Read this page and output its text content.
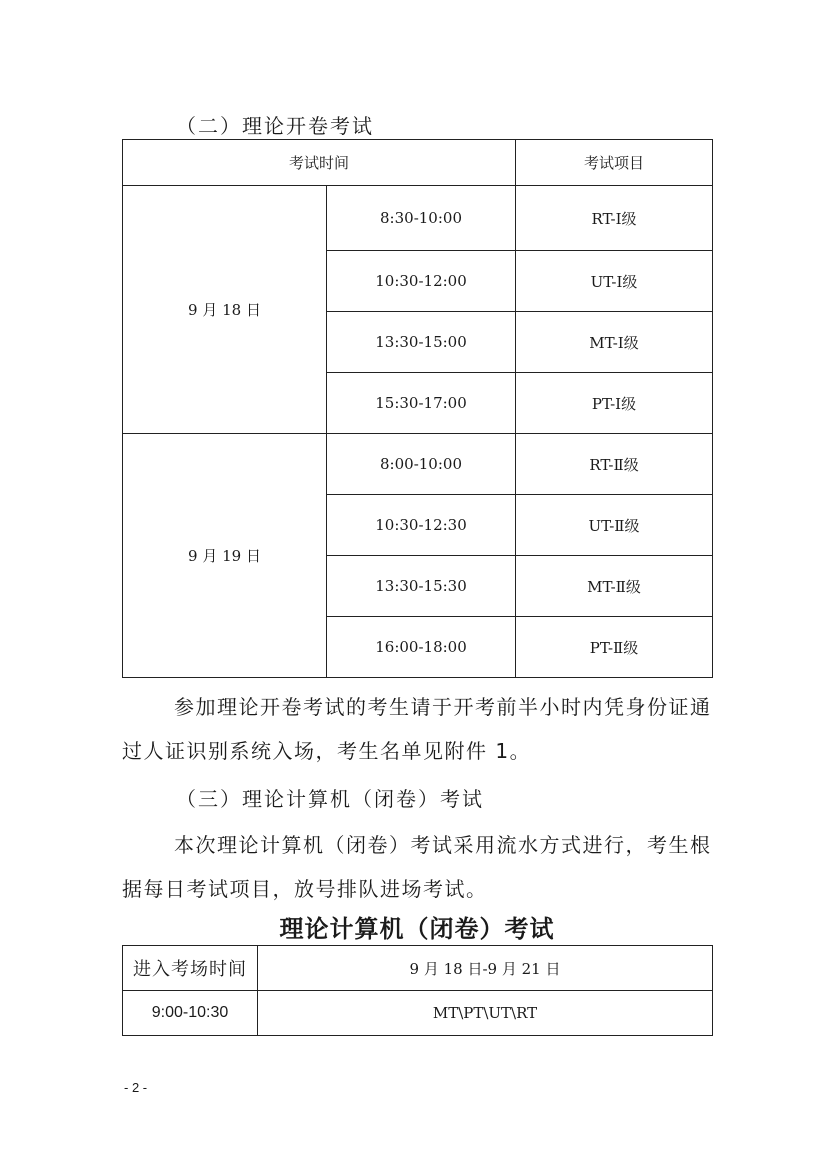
（二）理论开卷考试
考试时间		考试项目
9 月 18 日	8:30-10:00	RT-Ⅰ级
	10:30-12:00	UT-Ⅰ级
	13:30-15:00	MT-Ⅰ级
	15:30-17:00	PT-Ⅰ级
9 月 19 日	8:00-10:00	RT-Ⅱ级
	10:30-12:30	UT-Ⅱ级
	13:30-15:30	MT-Ⅱ级
	16:00-18:00	PT-Ⅱ级

参加理论开卷考试的考生请于开考前半小时内凭身份证通过人证识别系统入场，考生名单见附件 1。

（三）理论计算机（闭卷）考试

本次理论计算机（闭卷）考试采用流水方式进行，考生根据每日考试项目，放号排队进场考试。

理论计算机（闭卷）考试
进入考场时间	9 月 18 日-9 月 21 日
9:00-10:30	MT\PT\UT\RT
- 2 -
